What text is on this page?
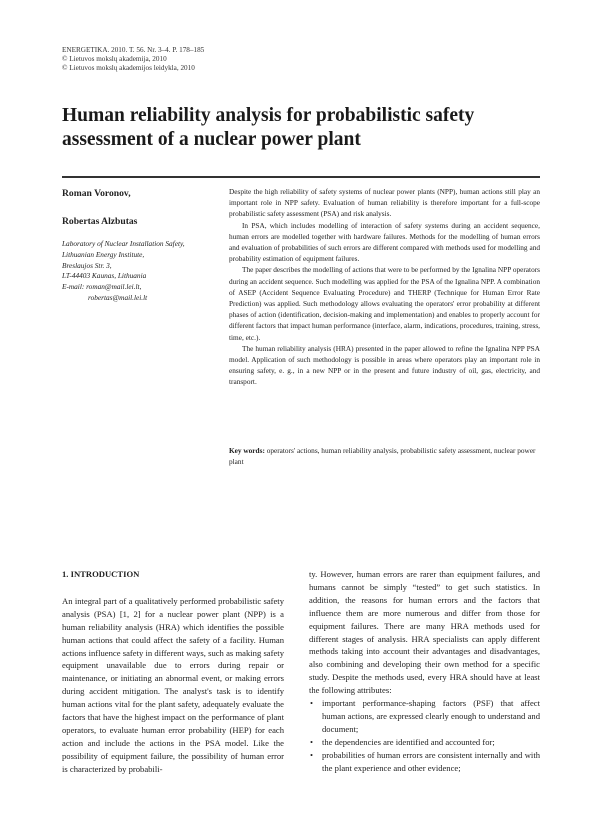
ENERGETIKA. 2010. T. 56. Nr. 3–4. P. 178–185
© Lietuvos mokslų akademija, 2010
© Lietuvos mokslų akademijos leidykla, 2010
Human reliability analysis for probabilistic safety assessment of a nuclear power plant
Roman Voronov,
Robertas Alzbutas
Laboratory of Nuclear Installation Safety,
Lithuanian Energy Institute,
Breslaujos Str. 3,
LT-44403 Kaunas, Lithuania
E-mail: roman@mail.lei.lt,
robertas@mail.lei.lt

Despite the high reliability of safety systems of nuclear power plants (NPP), human actions still play an important role in NPP safety. Evaluation of human reliability is therefore important for a full-scope probabilistic safety assessment (PSA) and risk analysis.

In PSA, which includes modelling of interaction of safety systems during an accident sequence, human errors are modelled together with hardware failures. Methods for the modelling of human errors and evaluation of probabilities of such errors are different compared with methods used for modelling and probability estimation of equipment failures.

The paper describes the modelling of actions that were to be performed by the Ignalina NPP operators during an accident sequence. Such modelling was applied for the PSA of the Ignalina NPP. A combination of ASEP (Accident Sequence Evaluating Procedure) and THERP (Technique for Human Error Rate Prediction) was applied. Such methodology allows evaluating the operators' error probability at different phases of action (identification, decision-making and implementation) and enables to properly account for different factors that impact human performance (interface, alarm, indications, procedures, training, stress, time, etc.).

The human reliability analysis (HRA) presented in the paper allowed to refine the Ignalina NPP PSA model. Application of such methodology is possible in areas where operators play an important role in ensuring safety, e. g., in a new NPP or in the present and future industry of oil, gas, electricity, and transport.

Key words: operators' actions, human reliability analysis, probabilistic safety assessment, nuclear power plant
1. INTRODUCTION

An integral part of a qualitatively performed probabilistic safety analysis (PSA) [1, 2] for a nuclear power plant (NPP) is a human reliability analysis (HRA) which identifies the possible human actions that could affect the safety of a facility. Human actions influence safety in different ways, such as making safety equipment unavailable due to errors during repair or maintenance, or initiating an abnormal event, or making errors during accident mitigation. The analyst's task is to identify human actions vital for the plant safety, adequately evaluate the factors that have the highest impact on the performance of plant operators, to evaluate human error probability (HEP) for each action and include the actions in the PSA model. Like the possibility of equipment failure, the possibility of human error is characterized by probabili-

ty. However, human errors are rarer than equipment failures, and humans cannot be simply “tested” to get such statistics. In addition, the reasons for human errors and the factors that influence them are more numerous and differ from those for equipment failures. There are many HRA methods used for different stages of analysis. HRA specialists can apply different methods taking into account their advantages and disadvantages, also combining and developing their own method for a specific study. Despite the methods used, every HRA should have at least the following attributes:

• important performance-shaping factors (PSF) that affect human actions, are expressed clearly enough to understand and document;
• the dependencies are identified and accounted for;
• probabilities of human errors are consistent internally and with the plant experience and other evidence;
